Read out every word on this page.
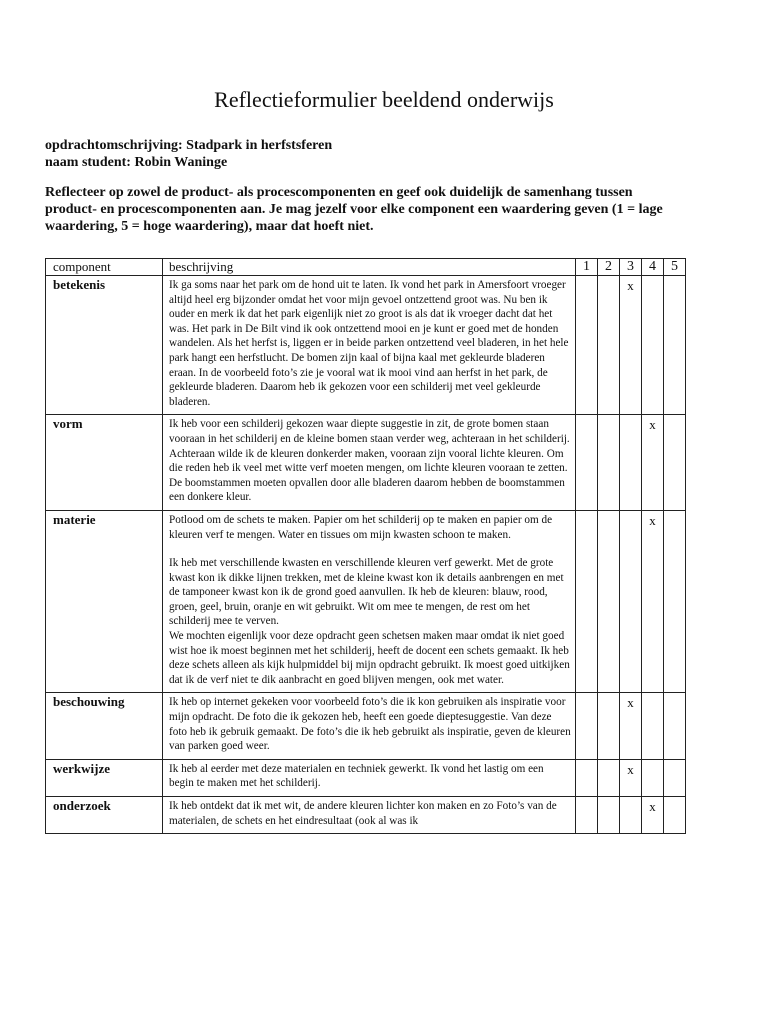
Reflectieformulier beeldend onderwijs
opdrachtomschrijving: Stadpark in herfstsferen
naam student: Robin Waninge
Reflecteer op zowel de product- als procescomponenten en geef ook duidelijk de samenhang tussen product- en procescomponenten aan. Je mag jezelf voor elke component een waardering geven (1 = lage waardering, 5 = hoge waardering), maar dat hoeft niet.
component	beschrijving	1	2	3	4	5
betekenis	Ik ga soms naar het park om de hond uit te laten. Ik vond het park in Amersfoort vroeger altijd heel erg bijzonder omdat het voor mijn gevoel ontzettend groot was. Nu ben ik ouder en merk ik dat het park eigenlijk niet zo groot is als dat ik vroeger dacht dat het was. Het park in De Bilt vind ik ook ontzettend mooi en je kunt er goed met de honden wandelen. Als het herfst is, liggen er in beide parken ontzettend veel bladeren, in het hele park hangt een herfstlucht. De bomen zijn kaal of bijna kaal met gekleurde bladeren eraan. In de voorbeeld foto’s zie je vooral wat ik mooi vind aan herfst in het park, de gekleurde bladeren. Daarom heb ik gekozen voor een schilderij met veel gekleurde bladeren.			x		
vorm	Ik heb voor een schilderij gekozen waar diepte suggestie in zit, de grote bomen staan vooraan in het schilderij en de kleine bomen staan verder weg, achteraan in het schilderij. Achteraan wilde ik de kleuren donkerder maken, vooraan zijn vooral lichte kleuren. Om die reden heb ik veel met witte verf moeten mengen, om lichte kleuren vooraan te zetten. De boomstammen moeten opvallen door alle bladeren daarom hebben de boomstammen een donkere kleur.				x	
materie	Potlood om de schets te maken. Papier om het schilderij op te maken en papier om de kleuren verf te mengen. Water en tissues om mijn kwasten schoon te maken.

Ik heb met verschillende kwasten en verschillende kleuren verf gewerkt. Met de grote kwast kon ik dikke lijnen trekken, met de kleine kwast kon ik details aanbrengen en met de tamponeer kwast kon ik de grond goed aanvullen. Ik heb de kleuren: blauw, rood, groen, geel, bruin, oranje en wit gebruikt. Wit om mee te mengen, de rest om het schilderij mee te verven.
We mochten eigenlijk voor deze opdracht geen schetsen maken maar omdat ik niet goed wist hoe ik moest beginnen met het schilderij, heeft de docent een schets gemaakt. Ik heb deze schets alleen als kijk hulpmiddel bij mijn opdracht gebruikt. Ik moest goed uitkijken dat ik de verf niet te dik aanbracht en goed blijven mengen, ook met water.				x	
beschouwing	Ik heb op internet gekeken voor voorbeeld foto’s die ik kon gebruiken als inspiratie voor mijn opdracht. De foto die ik gekozen heb, heeft een goede dieptesuggestie. Van deze foto heb ik gebruik gemaakt. De foto’s die ik heb gebruikt als inspiratie, geven de kleuren van parken goed weer.			x		
werkwijze	Ik heb al eerder met deze materialen en techniek gewerkt. Ik vond het lastig om een begin te maken met het schilderij.			x		
onderzoek	Ik heb ontdekt dat ik met wit, de andere kleuren lichter kon maken en zo Foto’s van de materialen, de schets en het eindresultaat (ook al was ik				x	
